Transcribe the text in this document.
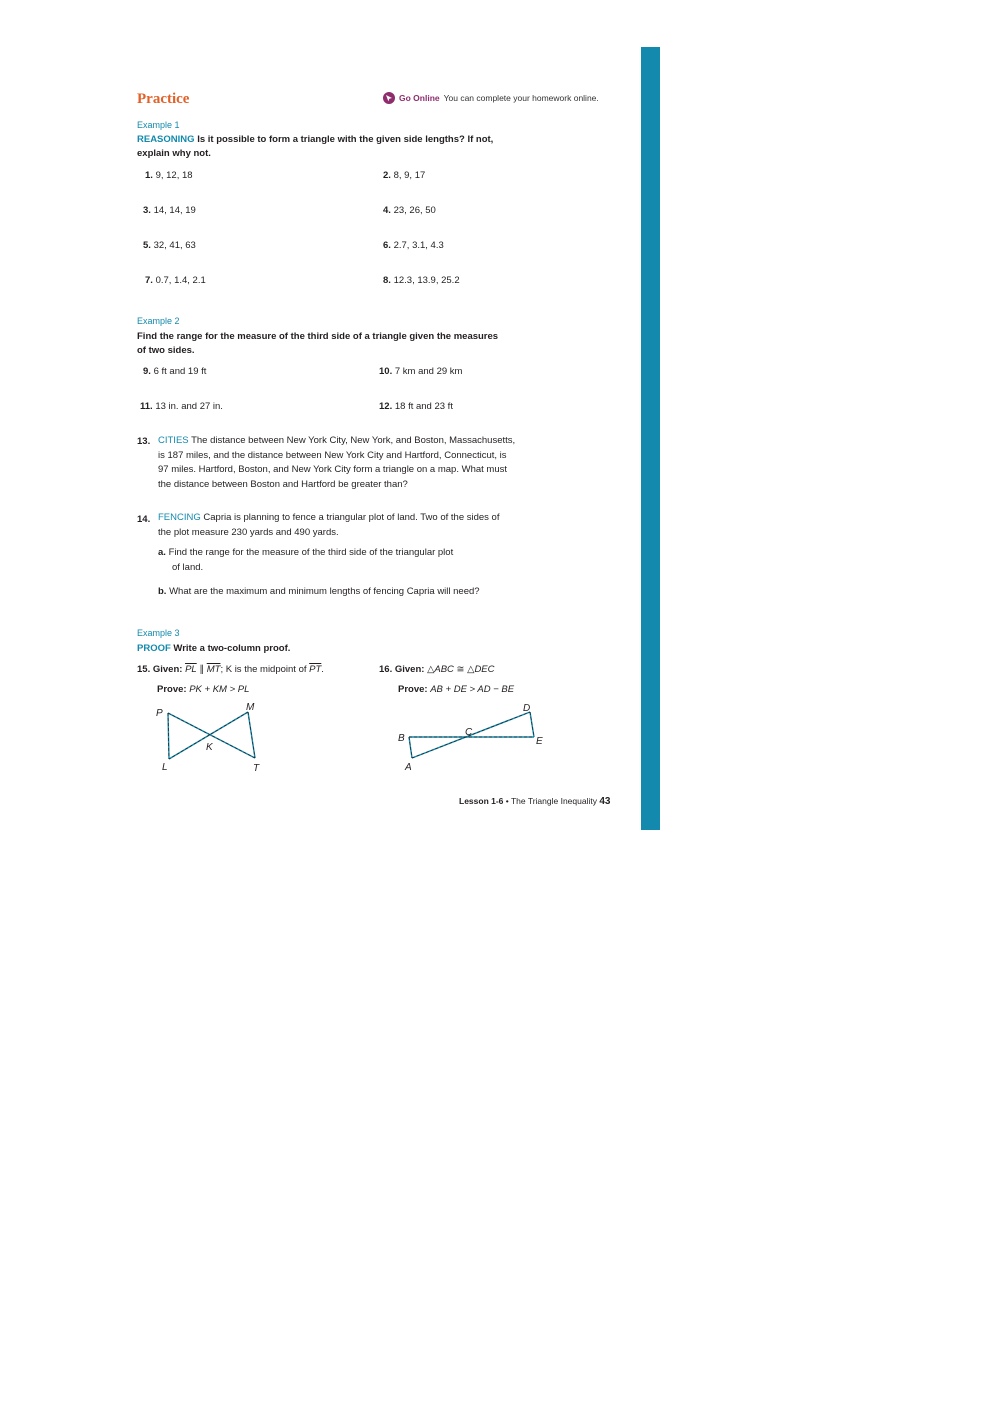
Practice	Go Online You can complete your homework online.
Example 1
REASONING Is it possible to form a triangle with the given side lengths? If not,
explain why not.
1. 9, 12, 18	2. 8, 9, 17
3. 14, 14, 19	4. 23, 26, 50
5. 32, 41, 63	6. 2.7, 3.1, 4.3
7. 0.7, 1.4, 2.1	8. 12.3, 13.9, 25.2
Example 2
Find the range for the measure of the third side of a triangle given the measures
of two sides.
9. 6 ft and 19 ft	10. 7 km and 29 km
11. 13 in. and 27 in.	12. 18 ft and 23 ft
13. CITIES The distance between New York City, New York, and Boston, Massachusetts,
is 187 miles, and the distance between New York City and Hartford, Connecticut, is
97 miles. Hartford, Boston, and New York City form a triangle on a map. What must
the distance between Boston and Hartford be greater than?
14. FENCING Capria is planning to fence a triangular plot of land. Two of the sides of
the plot measure 230 yards and 490 yards.
a. Find the range for the measure of the third side of the triangular plot
of land.
b. What are the maximum and minimum lengths of fencing Capria will need?
Example 3
PROOF Write a two-column proof.
15. Given: $\overline{PL}$ ∥ $\overline{MT}$; K is the midpoint of $\overline{PT}$.
Prove: PK + KM > PL
P
M
K
L	T
16. Given: △ABC ≅ △DEC
Prove: AB + DE > AD − BE
D
C
B	E
A
Lesson 1-6 • The Triangle Inequality 43
